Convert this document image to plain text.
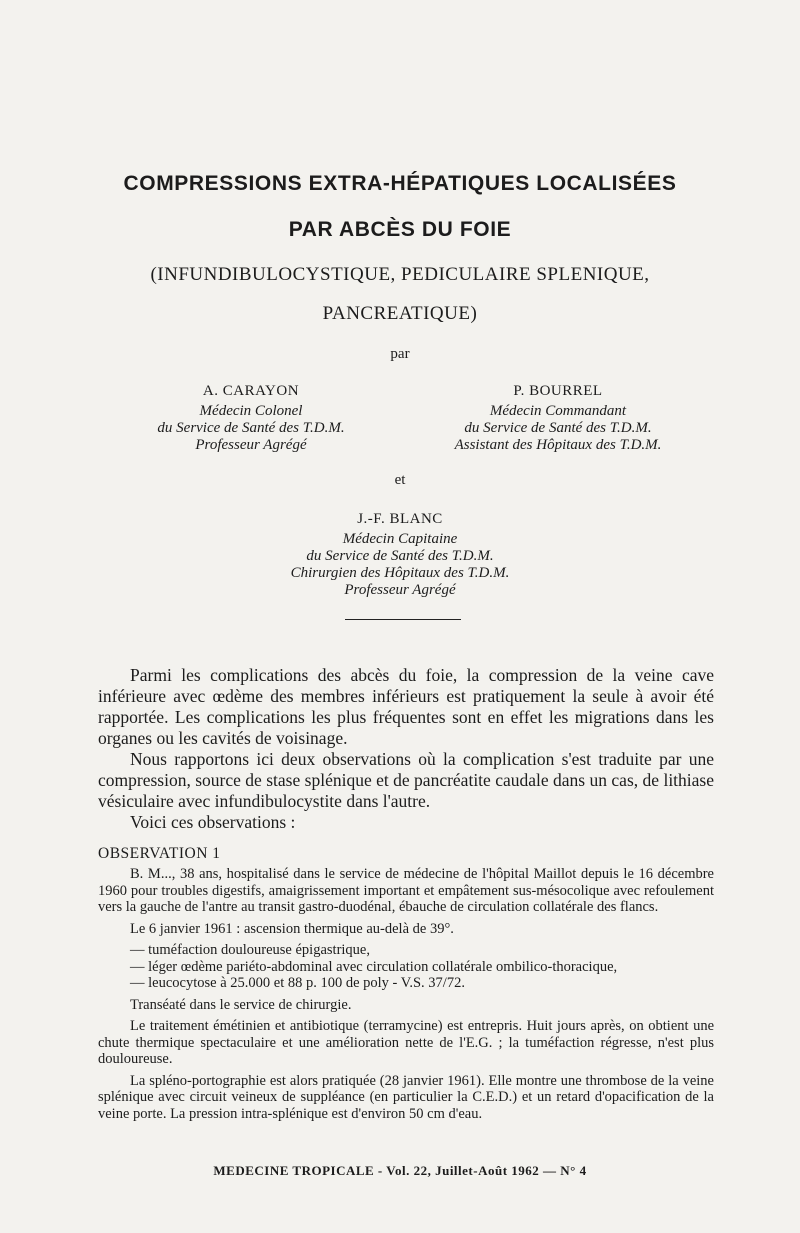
COMPRESSIONS EXTRA-HÉPATIQUES LOCALISÉES
PAR ABCÈS DU FOIE
(INFUNDIBULOCYSTIQUE, PEDICULAIRE SPLENIQUE,
PANCREATIQUE)
par
A. CARAYON
Médecin Colonel
du Service de Santé des T.D.M.
Professeur Agrégé
P. BOURREL
Médecin Commandant
du Service de Santé des T.D.M.
Assistant des Hôpitaux des T.D.M.
et
J.-F. BLANC
Médecin Capitaine
du Service de Santé des T.D.M.
Chirurgien des Hôpitaux des T.D.M.
Professeur Agrégé

Parmi les complications des abcès du foie, la compression de la veine cave inférieure avec œdème des membres inférieurs est pratiquement la seule à avoir été rapportée. Les complications les plus fréquentes sont en effet les migrations dans les organes ou les cavités de voisinage.

Nous rapportons ici deux observations où la complication s'est traduite par une compression, source de stase splénique et de pancréatite caudale dans un cas, de lithiase vésiculaire avec infundibulocystite dans l'autre.

Voici ces observations :

OBSERVATION 1

B. M..., 38 ans, hospitalisé dans le service de médecine de l'hôpital Maillot depuis le 16 décembre 1960 pour troubles digestifs, amaigrissement important et empâtement sus-mésocolique avec refoulement vers la gauche de l'antre au transit gastro-duodénal, ébauche de circulation collatérale des flancs.

Le 6 janvier 1961 : ascension thermique au-delà de 39°.

— tuméfaction douloureuse épigastrique,

— léger œdème pariéto-abdominal avec circulation collatérale ombilico-thoracique,

— leucocytose à 25.000 et 88 p. 100 de poly - V.S. 37/72.

Transéaté dans le service de chirurgie.

Le traitement émétinien et antibiotique (terramycine) est entrepris. Huit jours après, on obtient une chute thermique spectaculaire et une amélioration nette de l'E.G. ; la tuméfaction régresse, n'est plus douloureuse.

La spléno-portographie est alors pratiquée (28 janvier 1961). Elle montre une thrombose de la veine splénique avec circuit veineux de suppléance (en particulier la C.E.D.) et un retard d'opacification de la veine porte. La pression intra-splénique est d'environ 50 cm d'eau.

MEDECINE TROPICALE - Vol. 22, Juillet-Août 1962 — N° 4
